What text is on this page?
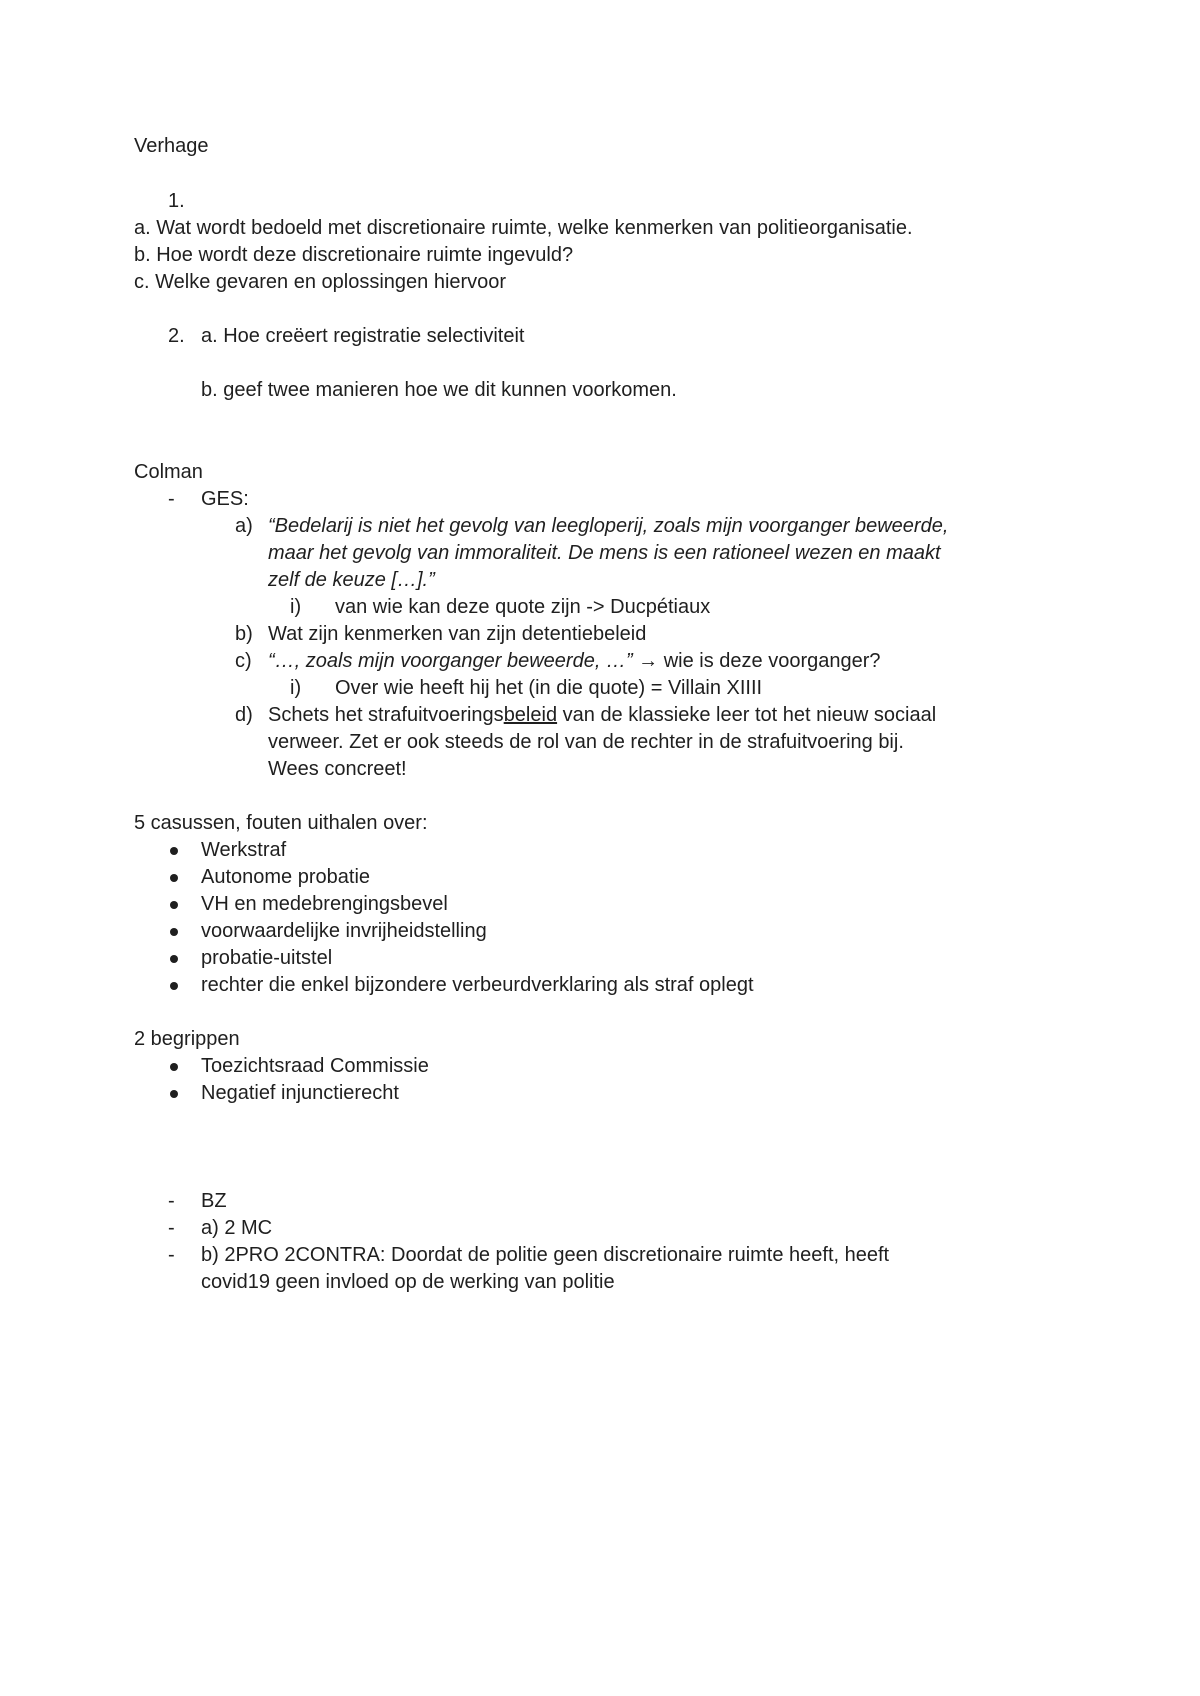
Verhage
1.
a. Wat wordt bedoeld met discretionaire ruimte, welke kenmerken van politieorganisatie.
b. Hoe wordt deze discretionaire ruimte ingevuld?
c. Welke gevaren en oplossingen hiervoor
2. a. Hoe creëert registratie selectiviteit
b. geef twee manieren hoe we dit kunnen voorkomen.
Colman
- GES:
a) “Bedelarij is niet het gevolg van leegloperij, zoals mijn voorganger beweerde,
maar het gevolg van immoraliteit. De mens is een rationeel wezen en maakt
zelf de keuze […].”
i) van wie kan deze quote zijn -> Ducpétiaux
b) Wat zijn kenmerken van zijn detentiebeleid
c) “…, zoals mijn voorganger beweerde, …” → wie is deze voorganger?
i) Over wie heeft hij het (in die quote) = Villain XIIII
d) Schets het strafuitvoeringsbeleid van de klassieke leer tot het nieuw sociaal
verweer. Zet er ook steeds de rol van de rechter in de strafuitvoering bij.
Wees concreet!
5 casussen, fouten uithalen over:
Werkstraf
Autonome probatie
VH en medebrengingsbevel
voorwaardelijke invrijheidstelling
probatie-uitstel
rechter die enkel bijzondere verbeurdverklaring als straf oplegt
2 begrippen
Toezichtsraad Commissie
Negatief injunctierecht
- BZ
- a) 2 MC
- b) 2PRO 2CONTRA: Doordat de politie geen discretionaire ruimte heeft, heeft
covid19 geen invloed op de werking van politie
